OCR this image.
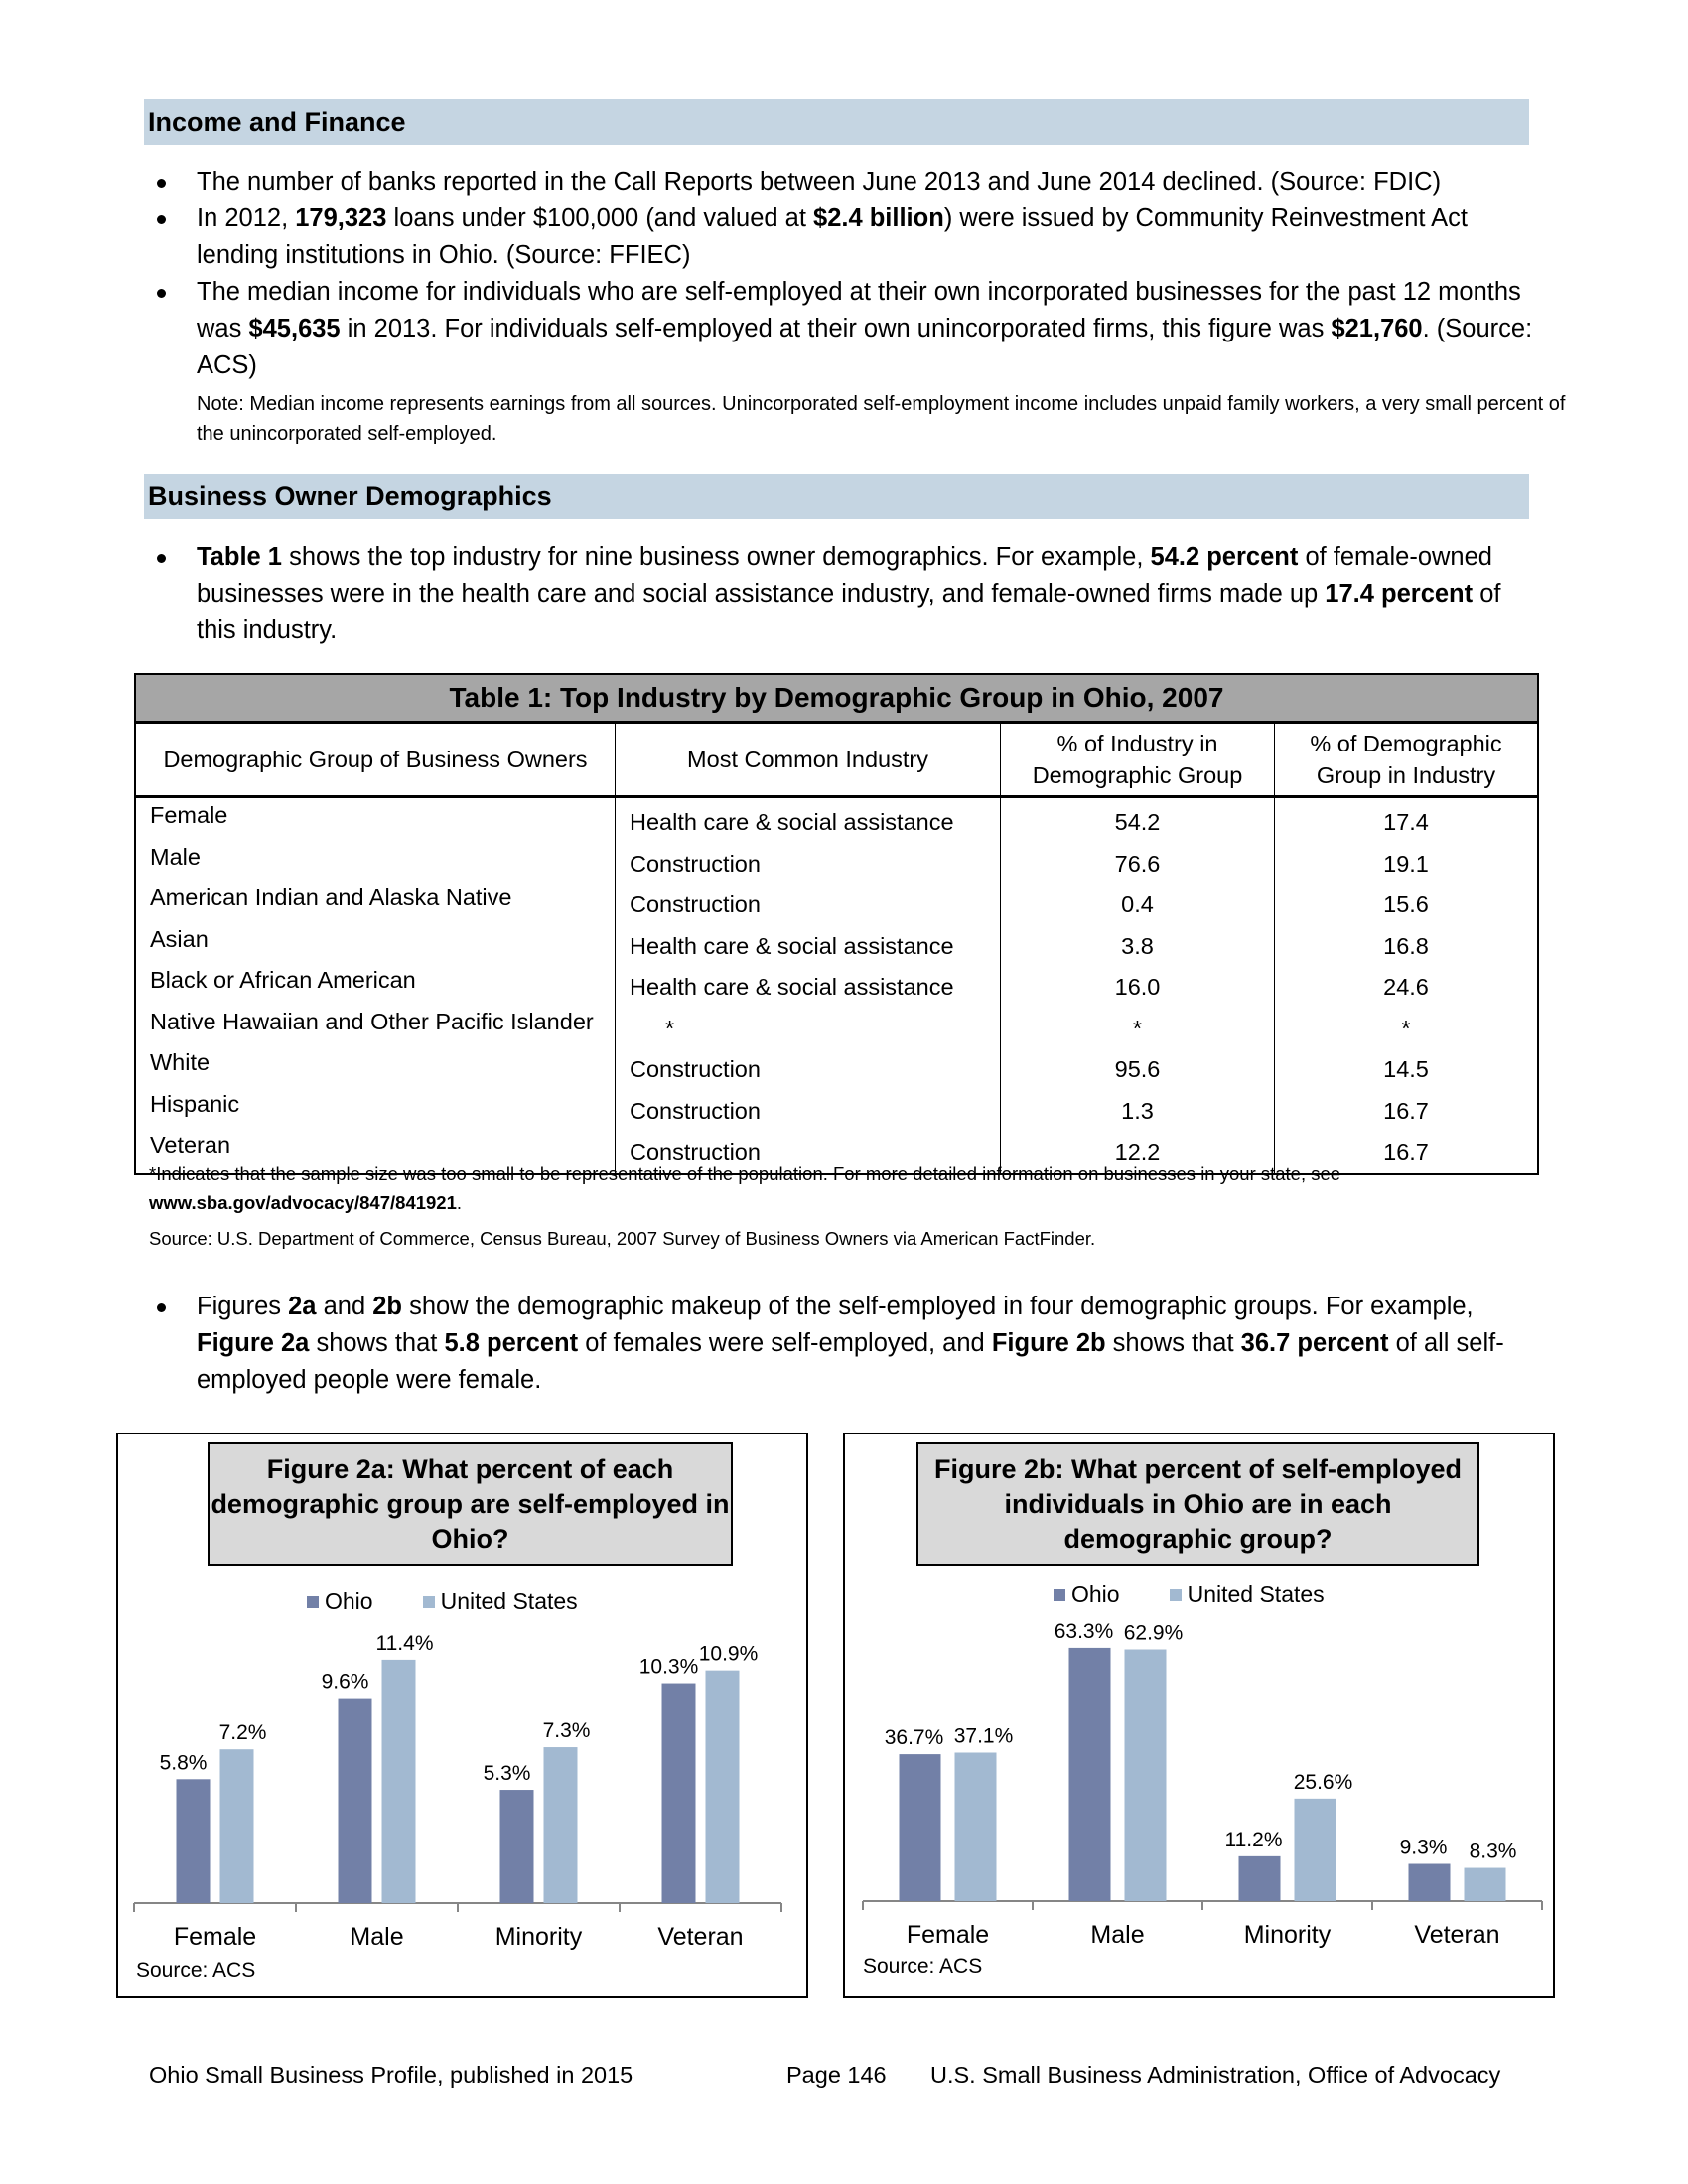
Income and Finance
The number of banks reported in the Call Reports between June 2013 and June 2014 declined. (Source: FDIC)
In 2012, 179,323 loans under $100,000 (and valued at $2.4 billion) were issued by Community Reinvestment Act lending institutions in Ohio. (Source: FFIEC)
The median income for individuals who are self-employed at their own incorporated businesses for the past 12 months was $45,635 in 2013. For individuals self-employed at their own unincorporated firms, this figure was $21,760. (Source: ACS)
Note: Median income represents earnings from all sources. Unincorporated self-employment income includes unpaid family workers, a very small percent of the unincorporated self-employed.
Business Owner Demographics
Table 1 shows the top industry for nine business owner demographics. For example, 54.2 percent of female-owned businesses were in the health care and social assistance industry, and female-owned firms made up 17.4 percent of this industry.
Table 1: Top Industry by Demographic Group in Ohio, 2007			
Demographic Group of Business Owners	Most Common Industry	% of Industry in Demographic Group	% of Demographic Group in Industry
Female	Health care & social assistance	54.2	17.4
Male	Construction	76.6	19.1
American Indian and Alaska Native	Construction	0.4	15.6
Asian	Health care & social assistance	3.8	16.8
Black or African American	Health care & social assistance	16.0	24.6
Native Hawaiian and Other Pacific Islander	*	*	*
White	Construction	95.6	14.5
Hispanic	Construction	1.3	16.7
Veteran	Construction	12.2	16.7
*Indicates that the sample size was too small to be representative of the population. For more detailed information on businesses in your state, see
www.sba.gov/advocacy/847/841921.
Source: U.S. Department of Commerce, Census Bureau, 2007 Survey of Business Owners via American FactFinder.
Figures 2a and 2b show the demographic makeup of the self-employed in four demographic groups. For example, Figure 2a shows that 5.8 percent of females were self-employed, and Figure 2b shows that 36.7 percent of all self-employed people were female.
Figure 2a: What percent of each demographic group are self-employed in Ohio?
Ohio	United States
5.8%
7.2%
Female
9.6%
11.4%
Male
5.3%
7.3%
Minority
10.3%
10.9%
Veteran
Source: ACS
Figure 2b: What percent of self-employed individuals in Ohio are in each demographic group?
Ohio	United States
36.7% 37.1%
Female
63.3% 62.9%
Male
11.2%
25.6%
Minority
9.3% 8.3%
Veteran
Source: ACS
Ohio Small Business Profile, published in 2015	Page 146 U.S. Small Business Administration, Office of Advocacy
